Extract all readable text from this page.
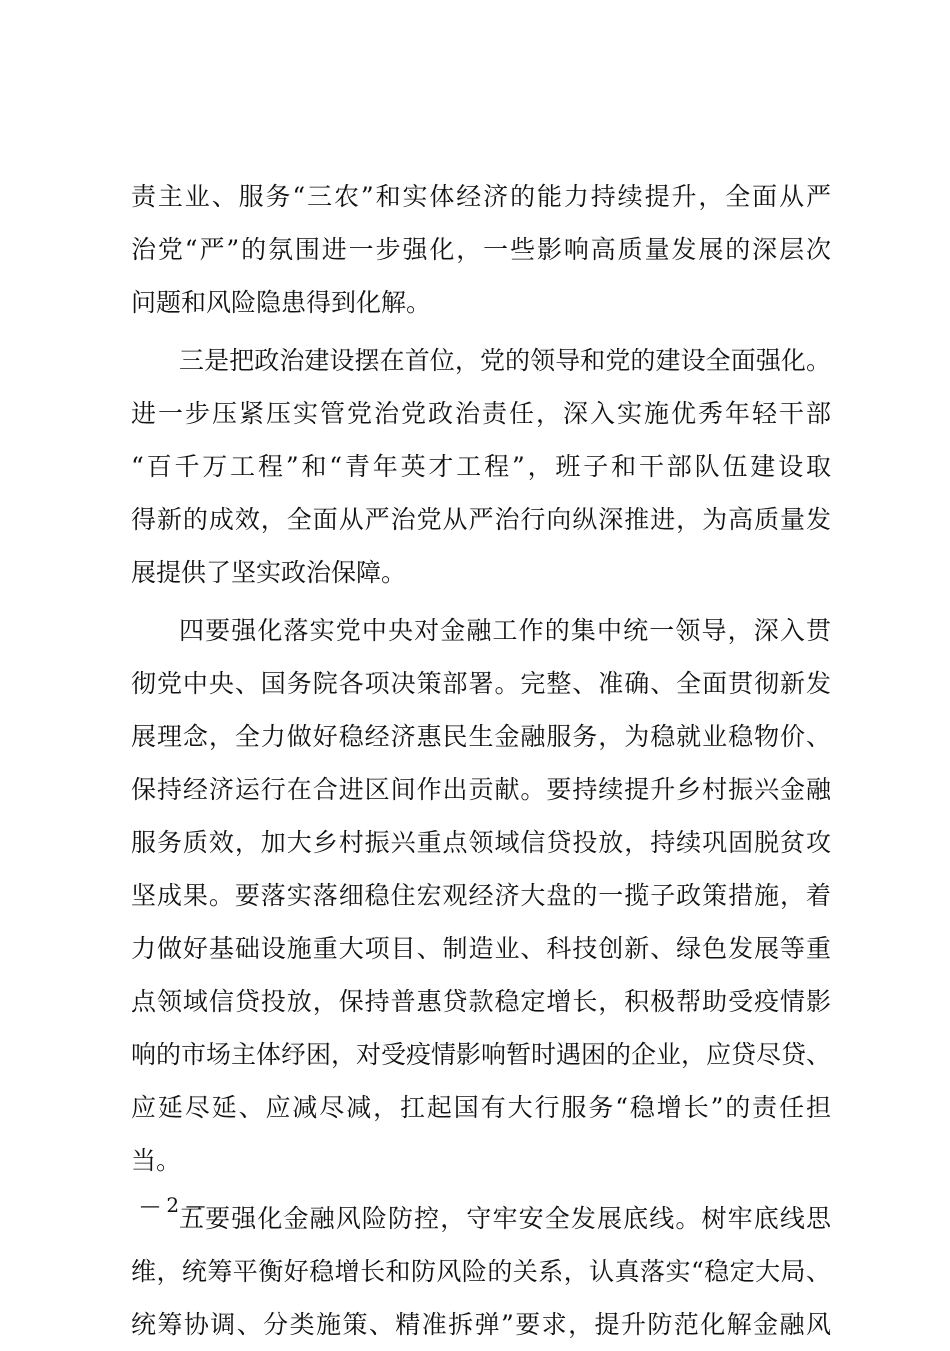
责主业、服务“三农”和实体经济的能力持续提升，全面从严
治党“严”的氛围进一步强化，一些影响高质量发展的深层次
问题和风险隐患得到化解。
三是把政治建设摆在首位，党的领导和党的建设全面强化。
进一步压紧压实管党治党政治责任，深入实施优秀年轻干部
“百千万工程”和“青年英才工程”，班子和干部队伍建设取
得新的成效，全面从严治党从严治行向纵深推进，为高质量发
展提供了坚实政治保障。
四要强化落实党中央对金融工作的集中统一领导，深入贯
彻党中央、国务院各项决策部署。完整、准确、全面贯彻新发
展理念，全力做好稳经济惠民生金融服务，为稳就业稳物价、
保持经济运行在合进区间作出贡献。要持续提升乡村振兴金融
服务质效，加大乡村振兴重点领域信贷投放，持续巩固脱贫攻
坚成果。要落实落细稳住宏观经济大盘的一揽子政策措施，着
力做好基础设施重大项目、制造业、科技创新、绿色发展等重
点领域信贷投放，保持普惠贷款稳定增长，积极帮助受疫情影
响的市场主体纾困，对受疫情影响暂时遇困的企业，应贷尽贷、
应延尽延、应减尽减，扛起国有大行服务“稳增长”的责任担
当。
五要强化金融风险防控，守牢安全发展底线。树牢底线思
维，统筹平衡好稳增长和防风险的关系，认真落实“稳定大局、
统筹协调、分类施策、精准拆弹”要求，提升防范化解金融风
— 2 —
